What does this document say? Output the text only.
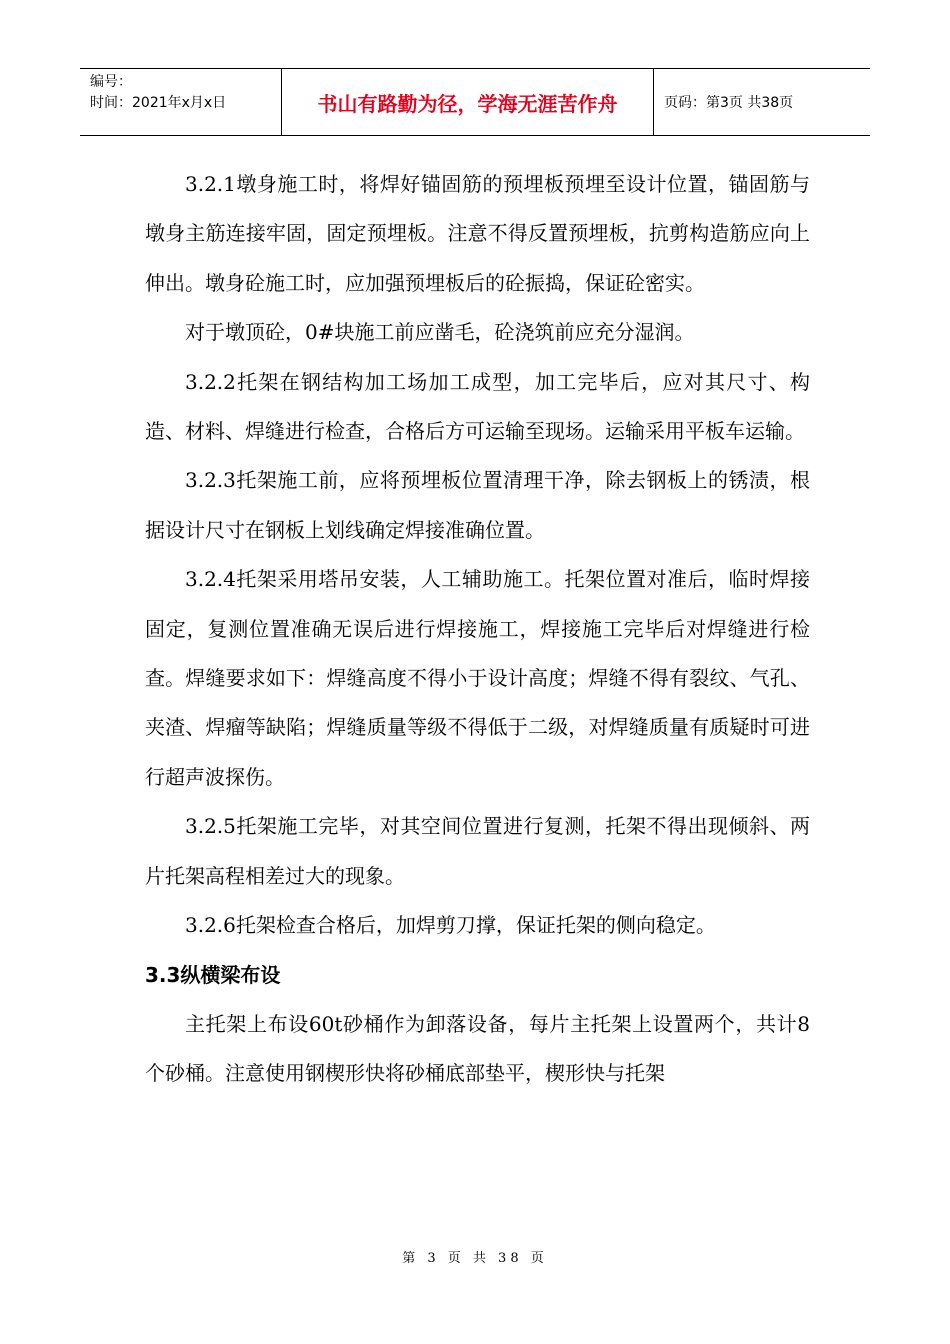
编号：
时间：2021年x月x日	书山有路勤为径，学海无涯苦作舟	页码：第3页 共38页

3.2.1墩身施工时，将焊好锚固筋的预埋板预埋至设计位置，锚固筋与墩身主筋连接牢固，固定预埋板。注意不得反置预埋板，抗剪构造筋应向上伸出。墩身砼施工时，应加强预埋板后的砼振捣，保证砼密实。

对于墩顶砼，0#块施工前应凿毛，砼浇筑前应充分湿润。

3.2.2托架在钢结构加工场加工成型，加工完毕后，应对其尺寸、构造、材料、焊缝进行检查，合格后方可运输至现场。运输采用平板车运输。

3.2.3托架施工前，应将预埋板位置清理干净，除去钢板上的锈渍，根据设计尺寸在钢板上划线确定焊接准确位置。

3.2.4托架采用塔吊安装，人工辅助施工。托架位置对准后，临时焊接固定，复测位置准确无误后进行焊接施工，焊接施工完毕后对焊缝进行检查。焊缝要求如下：焊缝高度不得小于设计高度；焊缝不得有裂纹、气孔、夹渣、焊瘤等缺陷；焊缝质量等级不得低于二级，对焊缝质量有质疑时可进行超声波探伤。

3.2.5托架施工完毕，对其空间位置进行复测，托架不得出现倾斜、两片托架高程相差过大的现象。

3.2.6托架检查合格后，加焊剪刀撑，保证托架的侧向稳定。

3.3纵横梁布设

主托架上布设60t砂桶作为卸落设备，每片主托架上设置两个，共计8个砂桶。注意使用钢楔形快将砂桶底部垫平，楔形快与托架

第 3 页 共 38 页
